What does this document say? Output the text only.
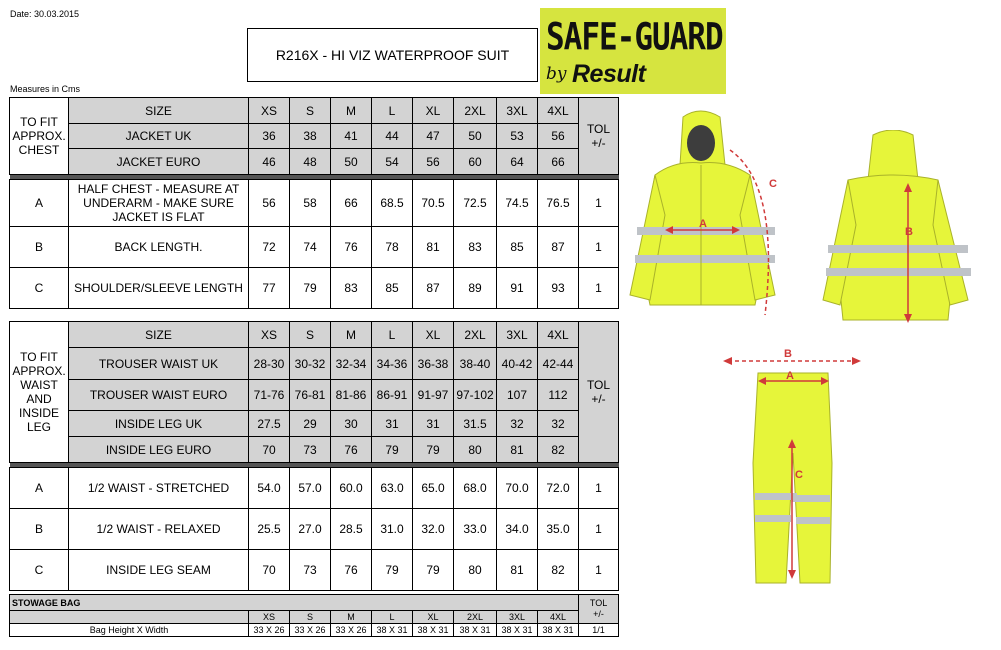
Date: 30.03.2015
R216X - HI VIZ WATERPROOF SUIT	SAFE-GUARD
by Result
Measures in Cms
TO FIT APPROX. CHEST	SIZE	XS	S	M	L	XL	2XL	3XL	4XL	TOL
+/-
	JACKET UK	36	38	41	44	47	50	53	56	
	JACKET EURO	46	48	50	54	56	60	64	66	

A	HALF CHEST - MEASURE AT UNDERARM - MAKE SURE JACKET IS FLAT	56	58	66	68.5	70.5	72.5	74.5	76.5	1
B	BACK LENGTH.	72	74	76	78	81	83	85	87	1
C	SHOULDER/SLEEVE LENGTH	77	79	83	85	87	89	91	93	1
TO FIT APPROX. WAIST AND INSIDE LEG	SIZE	XS	S	M	L	XL	2XL	3XL	4XL	TOL
+/-
	TROUSER WAIST UK	28-30	30-32	32-34	34-36	36-38	38-40	40-42	42-44	
	TROUSER WAIST EURO	71-76	76-81	81-86	86-91	91-97	97-102	107	112	
	INSIDE LEG UK	27.5	29	30	31	31	31.5	32	32	
	INSIDE LEG EURO	70	73	76	79	79	80	81	82	

A	1/2 WAIST - STRETCHED	54.0	57.0	60.0	63.0	65.0	68.0	70.0	72.0	1
B	1/2 WAIST - RELAXED	25.5	27.0	28.5	31.0	32.0	33.0	34.0	35.0	1
C	INSIDE LEG SEAM	70	73	76	79	79	80	81	82	1
STOWAGE BAG									TOL
+/-
	XS	S	M	L	XL	2XL	3XL	4XL	
Bag Height X Width	33 X 26	33 X 26	33 X 26	38 X 31	38 X 31	38 X 31	38 X 31	38 X 31	1/1
A
C
B
B
A
C
